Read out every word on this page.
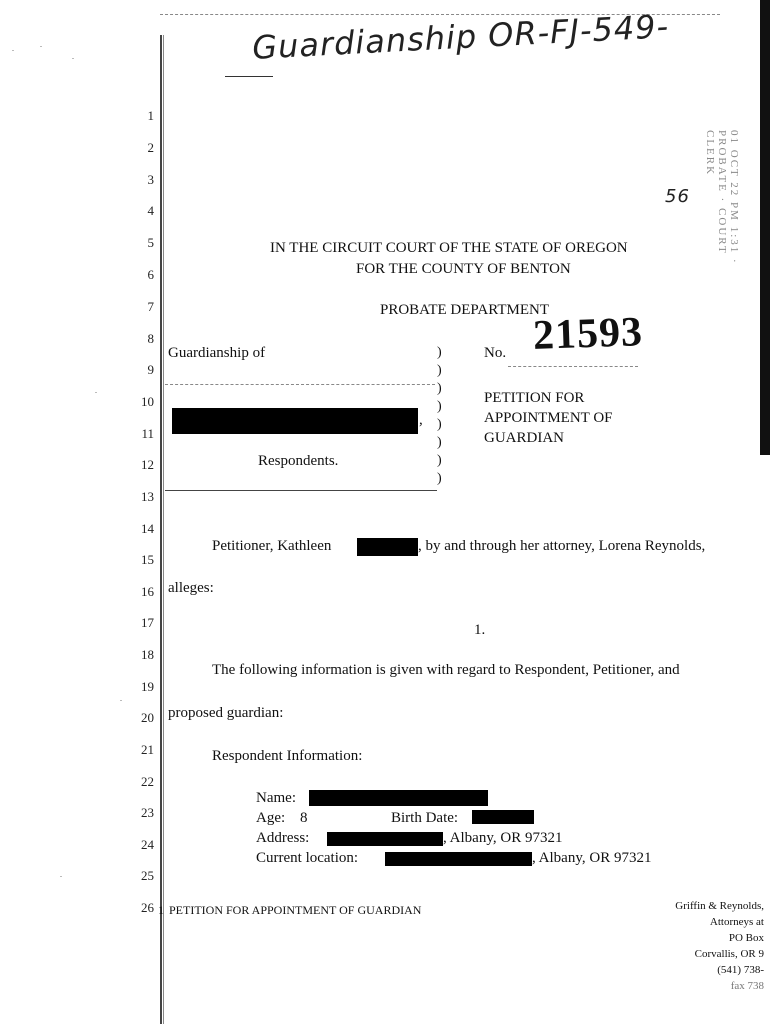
Guardianship OR-FJ-549-
01 OCT 22 PM 1:31 · PROBATE · COURT CLERK
56
1
2
3
4
5
6
7
8
9
10
11
12
13
14
15
16
17
18
19
20
21
22
23
24
25
26
IN THE CIRCUIT COURT OF THE STATE OF OREGON
FOR THE COUNTY OF BENTON
PROBATE DEPARTMENT
21593
Guardianship of
,
Respondents.
)
)
)
)
)
)
)
)
No.
PETITION FOR
APPOINTMENT OF
GUARDIAN
Petitioner, Kathleen	, by and through her attorney, Lorena Reynolds,
alleges:
1.
The following information is given with regard to Respondent, Petitioner, and
proposed guardian:
Respondent Information:
Name:
Age: 8	Birth Date:
Address:	, Albany, OR 97321
Current location:	, Albany, OR 97321
1 PETITION FOR APPOINTMENT OF GUARDIAN	Griffin & Reynolds,
Attorneys at
PO Box
Corvallis, OR 9
(541) 738-
fax 738
